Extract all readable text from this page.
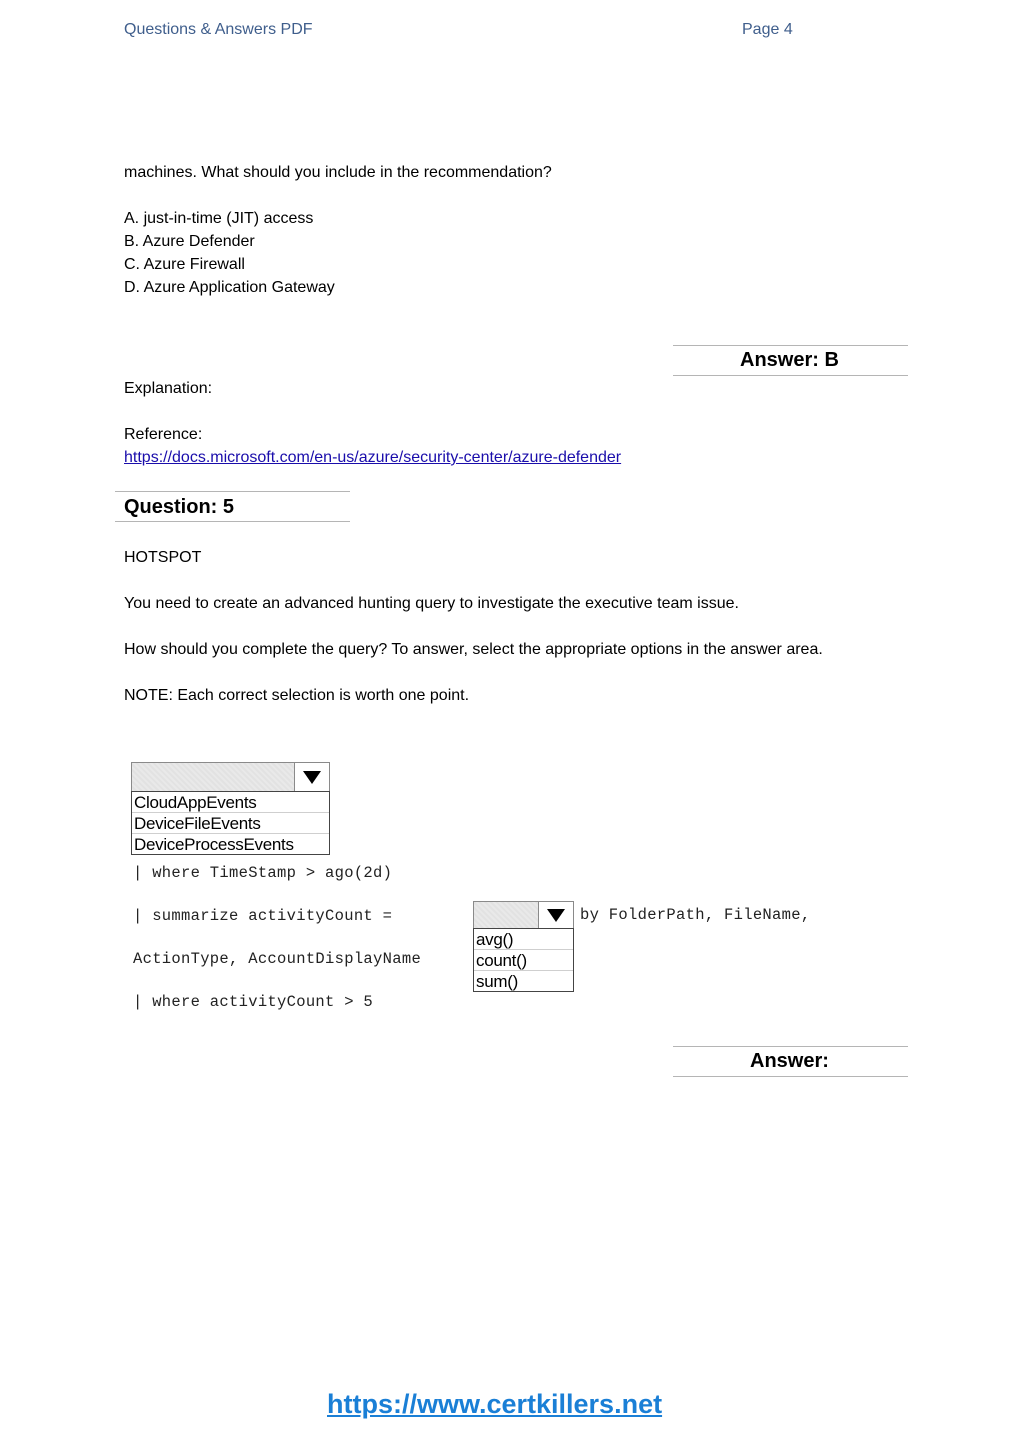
Questions & Answers PDF	Page 4
machines. What should you include in the recommendation?
A. just-in-time (JIT) access
B. Azure Defender
C. Azure Firewall
D. Azure Application Gateway
Answer: B
Explanation:
Reference:
https://docs.microsoft.com/en-us/azure/security-center/azure-defender
Question: 5
HOTSPOT
You need to create an advanced hunting query to investigate the executive team issue.
How should you complete the query? To answer, select the appropriate options in the answer area.
NOTE: Each correct selection is worth one point.
CloudAppEvents
DeviceFileEvents
DeviceProcessEvents
| where TimeStamp > ago(2d)
| summarize activityCount =	by FolderPath, FileName,
ActionType, AccountDisplayName
| where activityCount > 5
avg()
count()
sum()
Answer:
https://www.certkillers.net
